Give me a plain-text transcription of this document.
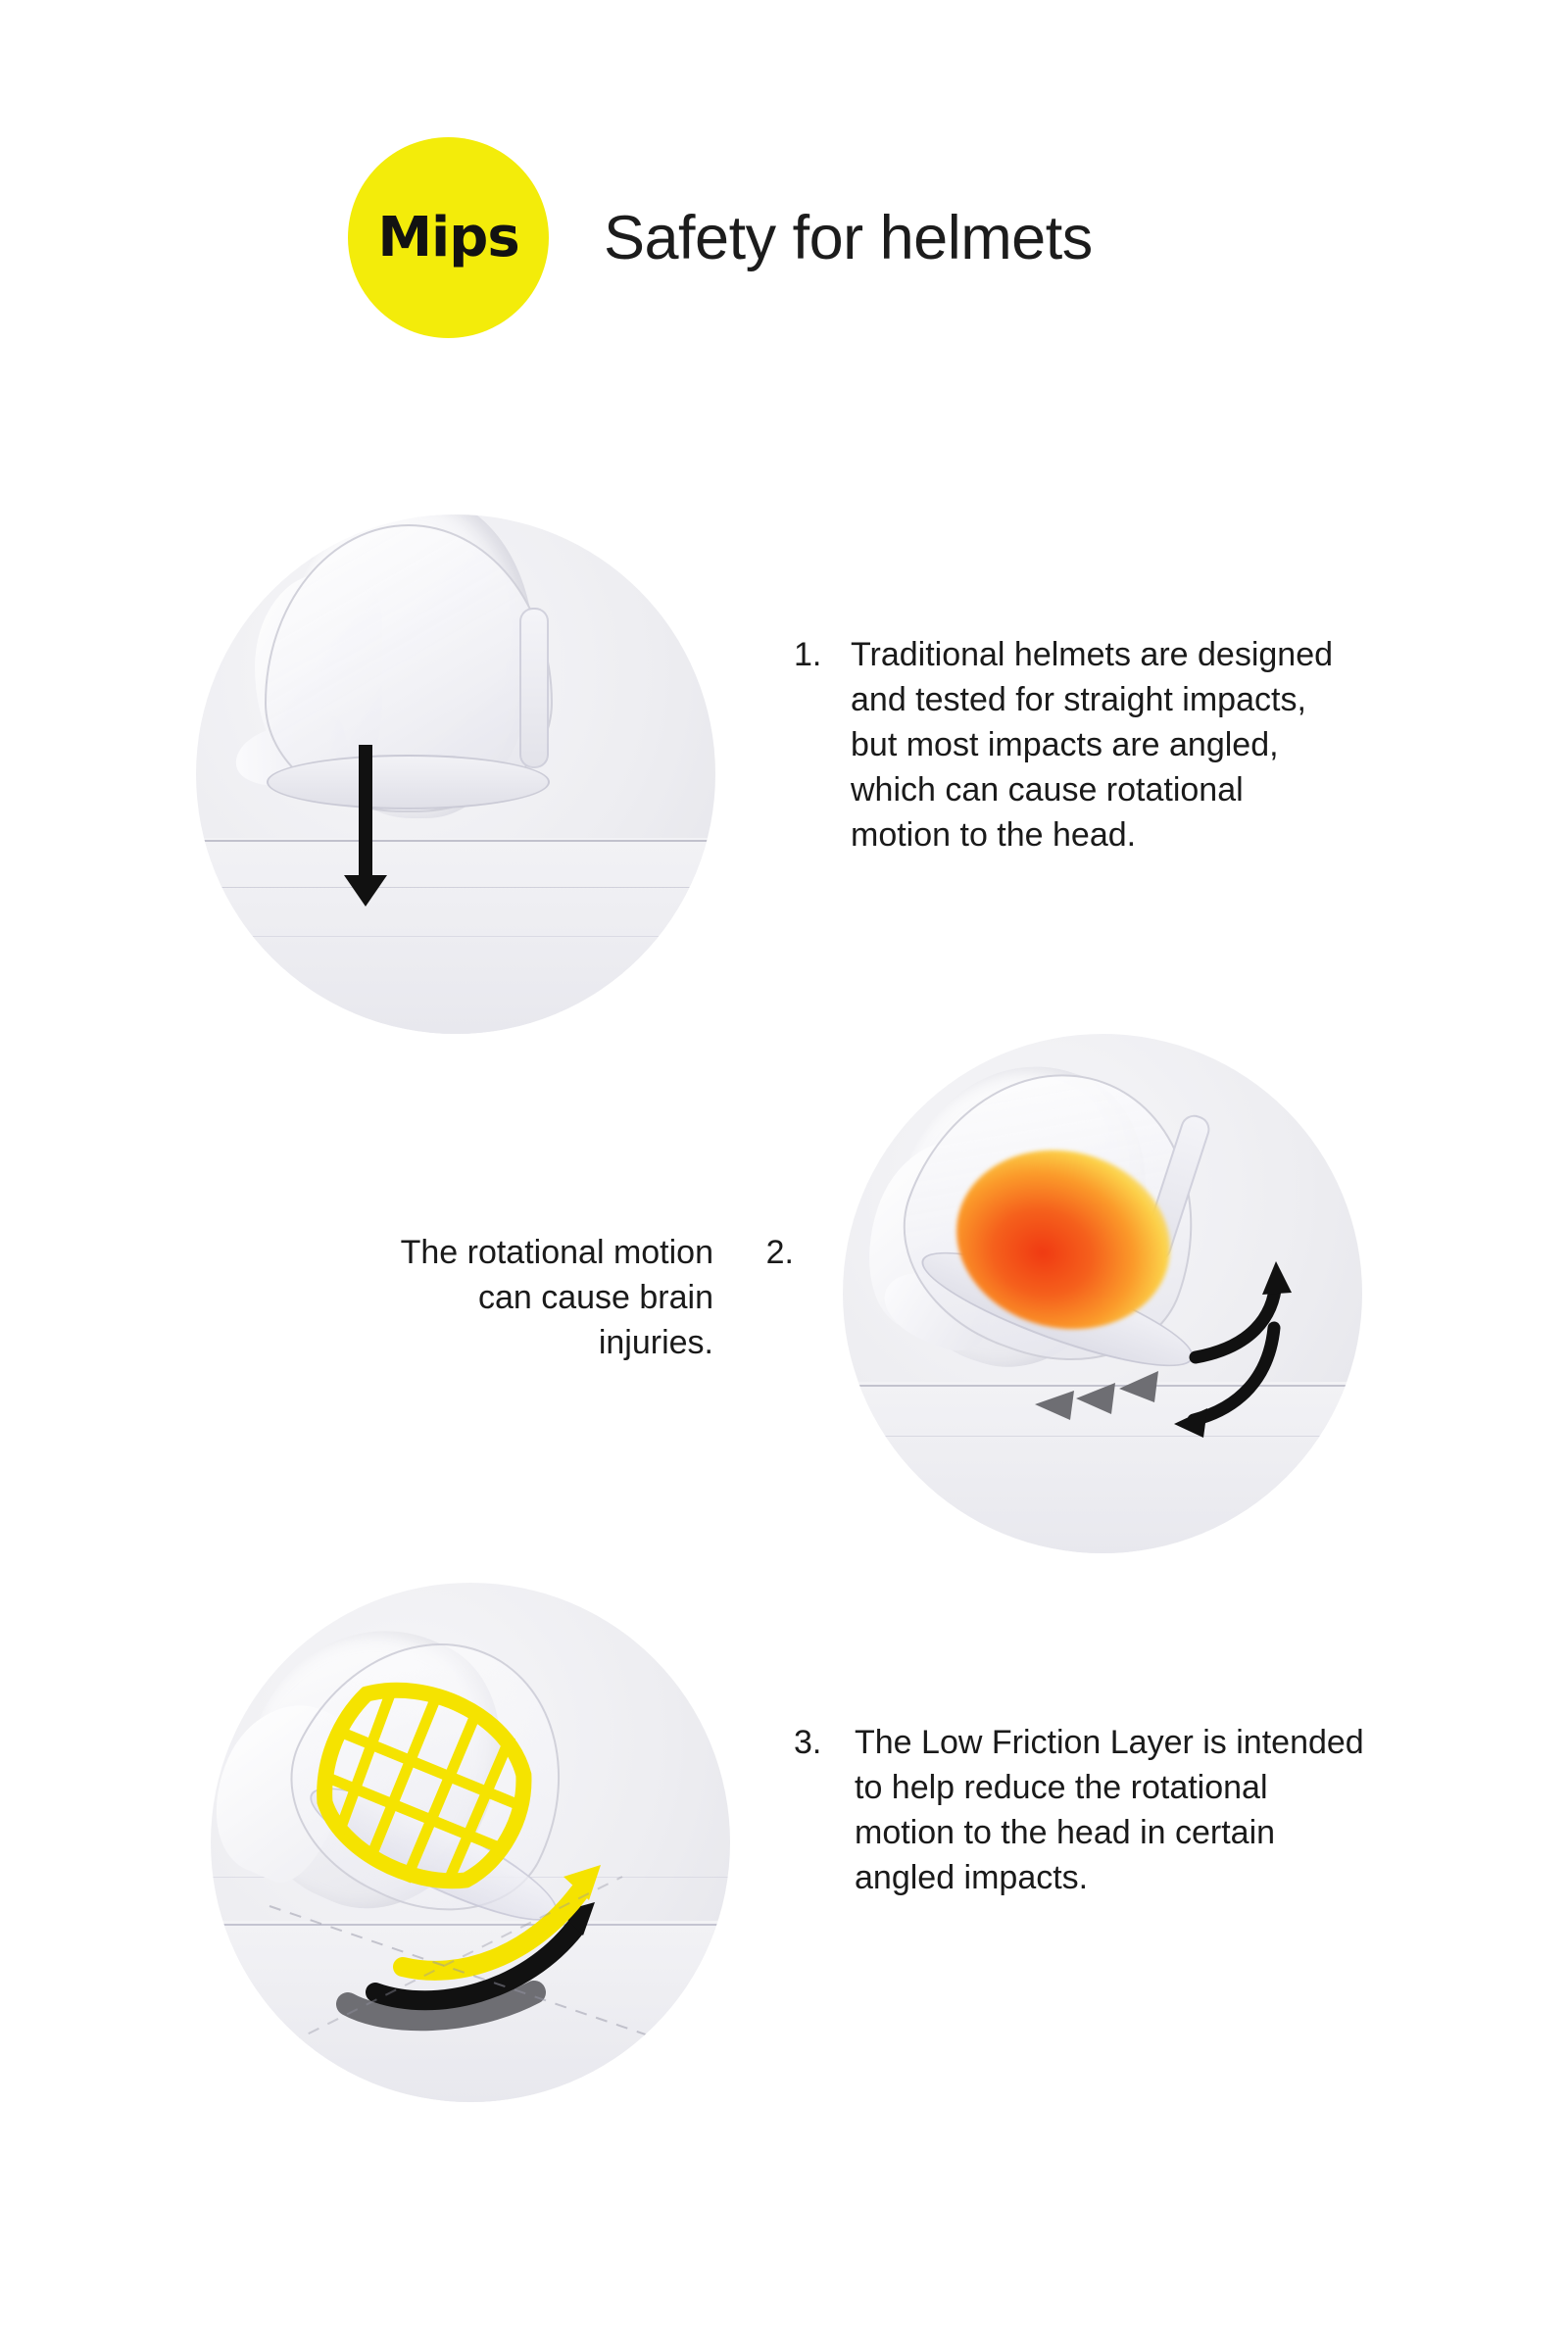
Mips Safety for helmets
1. Traditional helmets are designed and tested for straight impacts, but most impacts are angled, which can cause rotational motion to the head.
The rotational motion can cause brain injuries.
2.
3. The Low Friction Layer is intended to help reduce the rotational motion to the head in certain angled impacts.
